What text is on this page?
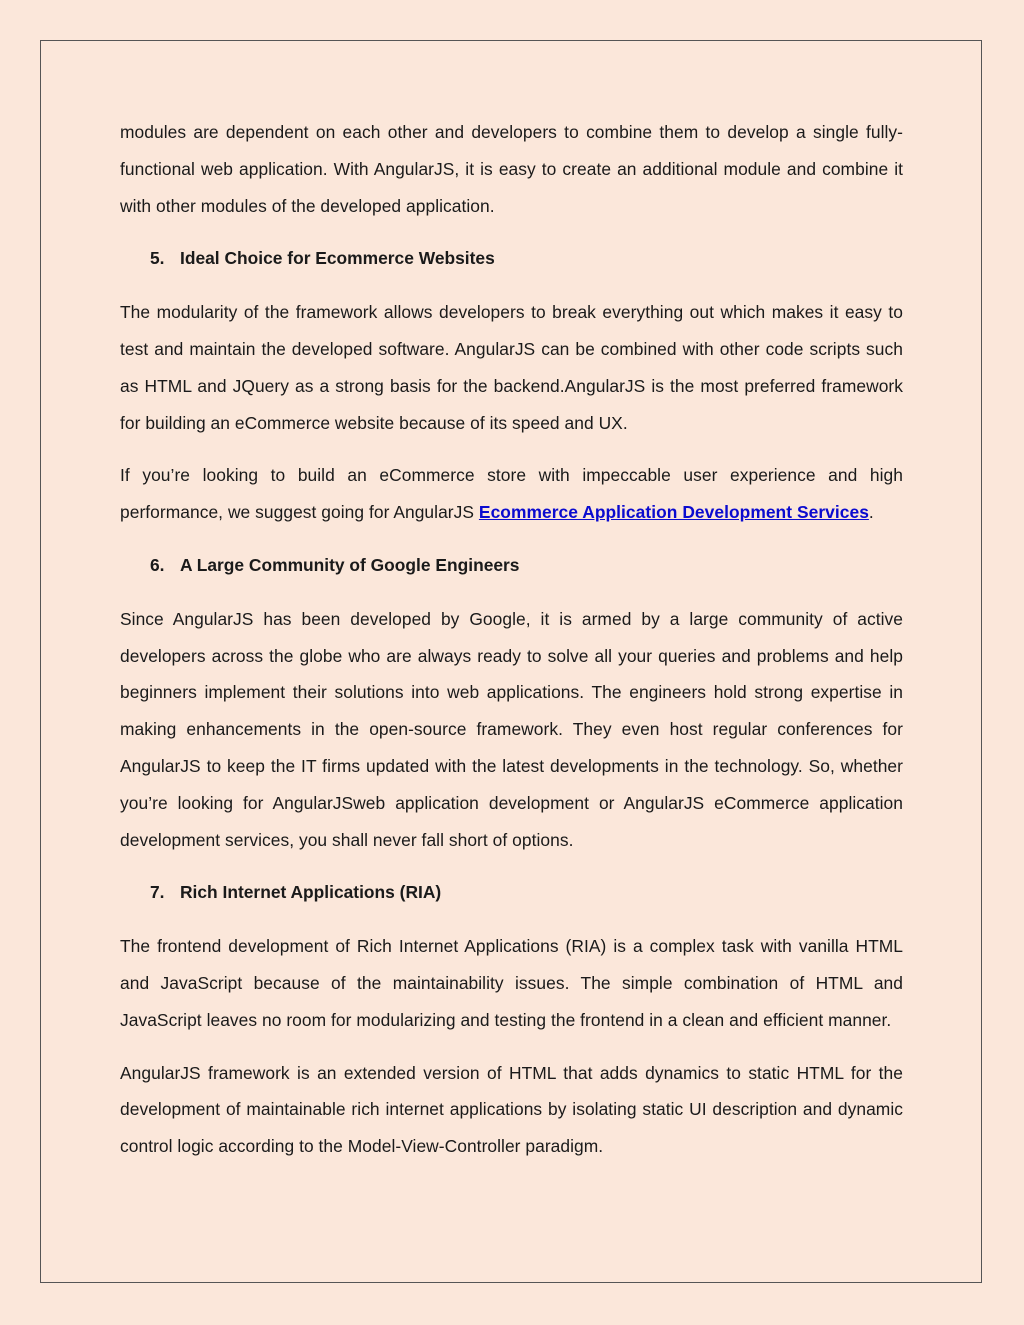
modules are dependent on each other and developers to combine them to develop a single fully-functional web application. With AngularJS, it is easy to create an additional module and combine it with other modules of the developed application.

5. Ideal Choice for Ecommerce Websites

The modularity of the framework allows developers to break everything out which makes it easy to test and maintain the developed software. AngularJS can be combined with other code scripts such as HTML and JQuery as a strong basis for the backend.AngularJS is the most preferred framework for building an eCommerce website because of its speed and UX.

If you’re looking to build an eCommerce store with impeccable user experience and high performance, we suggest going for AngularJS Ecommerce Application Development Services.

6. A Large Community of Google Engineers

Since AngularJS has been developed by Google, it is armed by a large community of active developers across the globe who are always ready to solve all your queries and problems and help beginners implement their solutions into web applications. The engineers hold strong expertise in making enhancements in the open-source framework. They even host regular conferences for AngularJS to keep the IT firms updated with the latest developments in the technology. So, whether you’re looking for AngularJSweb application development or AngularJS eCommerce application development services, you shall never fall short of options.

7. Rich Internet Applications (RIA)

The frontend development of Rich Internet Applications (RIA) is a complex task with vanilla HTML and JavaScript because of the maintainability issues. The simple combination of HTML and JavaScript leaves no room for modularizing and testing the frontend in a clean and efficient manner.

AngularJS framework is an extended version of HTML that adds dynamics to static HTML for the development of maintainable rich internet applications by isolating static UI description and dynamic control logic according to the Model-View-Controller paradigm.
